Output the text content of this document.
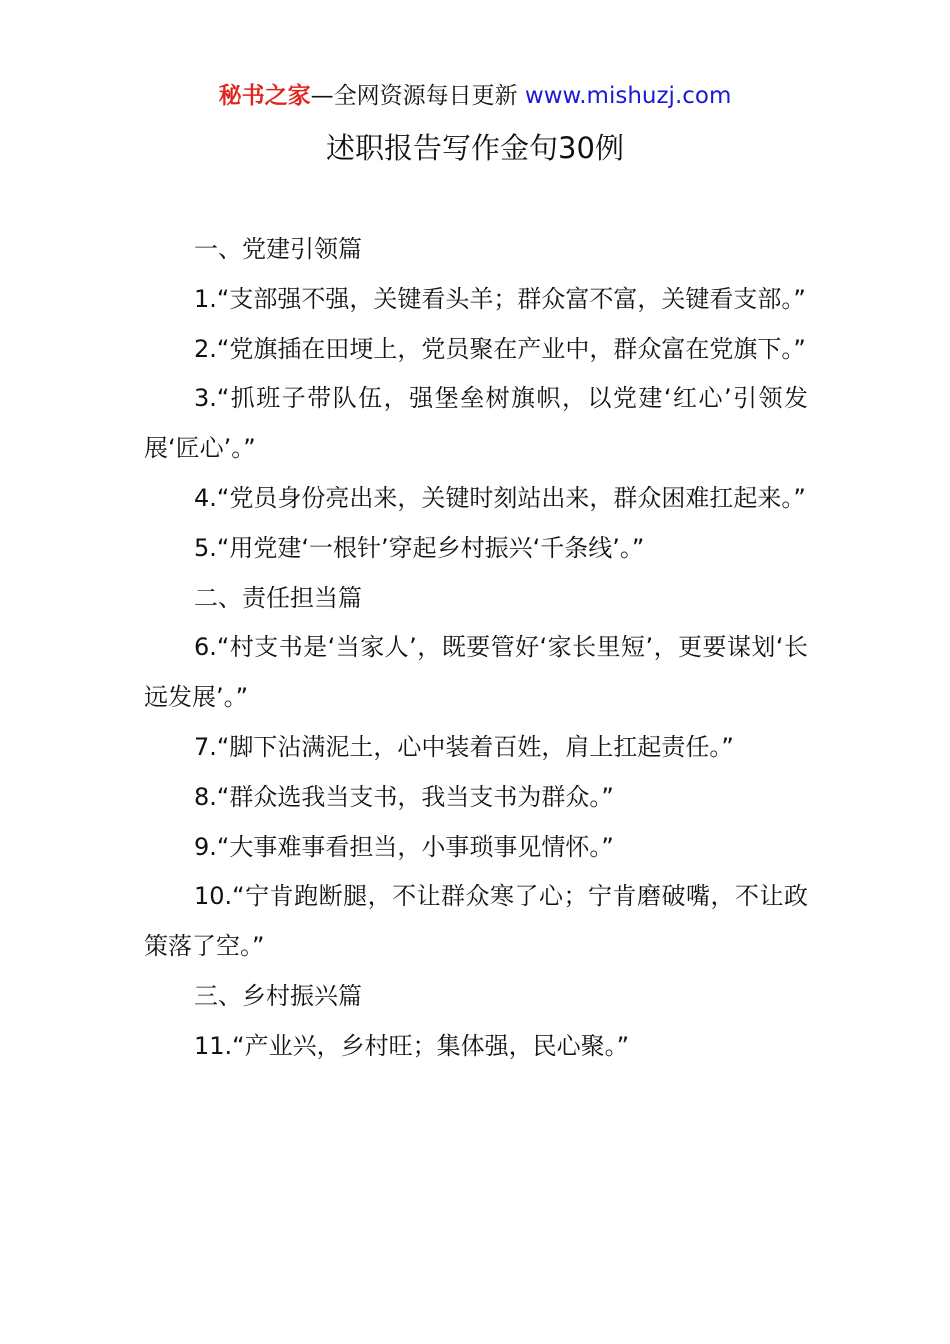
秘书之家—全网资源每日更新 www.mishuzj.com
述职报告写作金句30例

一、党建引领篇

1.“支部强不强，关键看头羊；群众富不富，关键看支部。”

2.“党旗插在田埂上，党员聚在产业中，群众富在党旗下。”

3.“抓班子带队伍，强堡垒树旗帜，以党建‘红心’引领发展‘匠心’。”

4.“党员身份亮出来，关键时刻站出来，群众困难扛起来。”

5.“用党建‘一根针’穿起乡村振兴‘千条线’。”

二、责任担当篇

6.“村支书是‘当家人’，既要管好‘家长里短’，更要谋划‘长远发展’。”

7.“脚下沾满泥土，心中装着百姓，肩上扛起责任。”

8.“群众选我当支书，我当支书为群众。”

9.“大事难事看担当，小事琐事见情怀。”

10.“宁肯跑断腿，不让群众寒了心；宁肯磨破嘴，不让政策落了空。”

三、乡村振兴篇

11.“产业兴，乡村旺；集体强，民心聚。”
